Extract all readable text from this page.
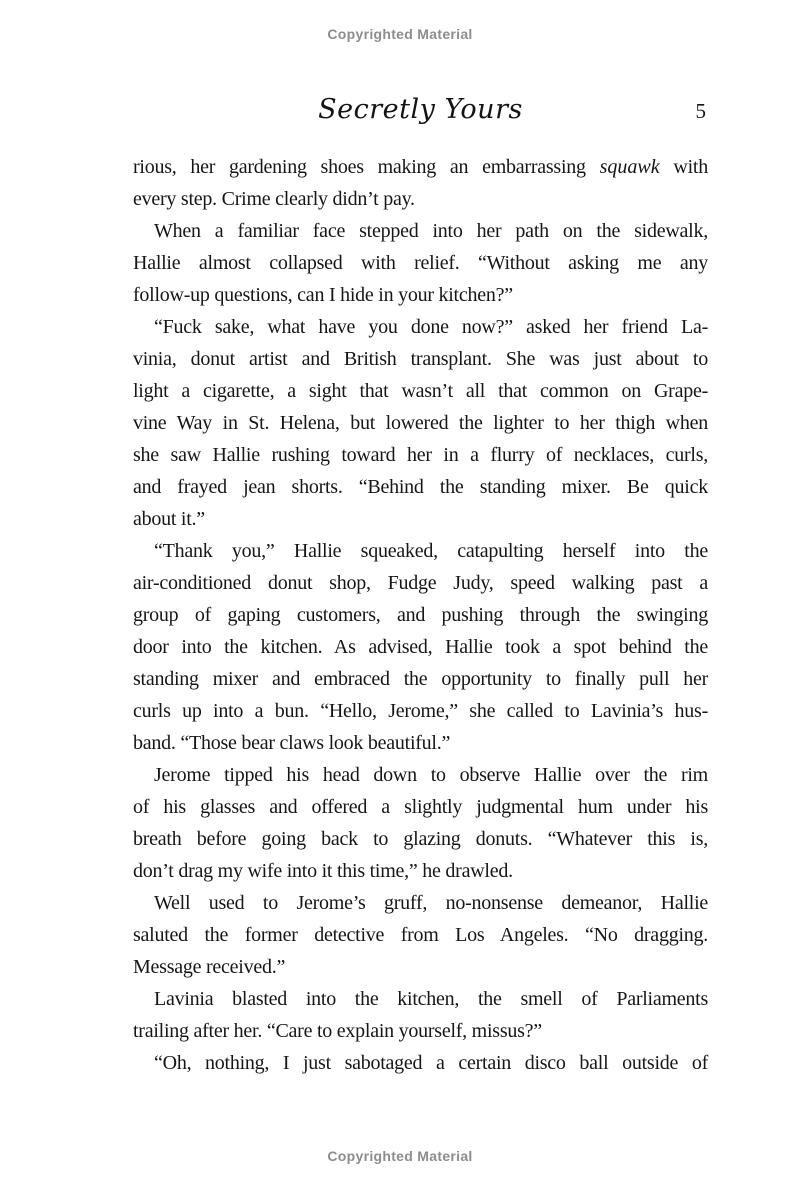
Copyrighted Material
Secretly Yours	5
rious, her gardening shoes making an embarrassing squawk with
every step. Crime clearly didn’t pay.
When a familiar face stepped into her path on the sidewalk,
Hallie almost collapsed with relief. “Without asking me any
follow-up questions, can I hide in your kitchen?”
“Fuck sake, what have you done now?” asked her friend La-
vinia, donut artist and British transplant. She was just about to
light a cigarette, a sight that wasn’t all that common on Grape-
vine Way in St. Helena, but lowered the lighter to her thigh when
she saw Hallie rushing toward her in a flurry of necklaces, curls,
and frayed jean shorts. “Behind the standing mixer. Be quick
about it.”
“Thank you,” Hallie squeaked, catapulting herself into the
air-conditioned donut shop, Fudge Judy, speed walking past a
group of gaping customers, and pushing through the swinging
door into the kitchen. As advised, Hallie took a spot behind the
standing mixer and embraced the opportunity to finally pull her
curls up into a bun. “Hello, Jerome,” she called to Lavinia’s hus-
band. “Those bear claws look beautiful.”
Jerome tipped his head down to observe Hallie over the rim
of his glasses and offered a slightly judgmental hum under his
breath before going back to glazing donuts. “Whatever this is,
don’t drag my wife into it this time,” he drawled.
Well used to Jerome’s gruff, no-nonsense demeanor, Hallie
saluted the former detective from Los Angeles. “No dragging.
Message received.”
Lavinia blasted into the kitchen, the smell of Parliaments
trailing after her. “Care to explain yourself, missus?”
“Oh, nothing, I just sabotaged a certain disco ball outside of
Copyrighted Material
